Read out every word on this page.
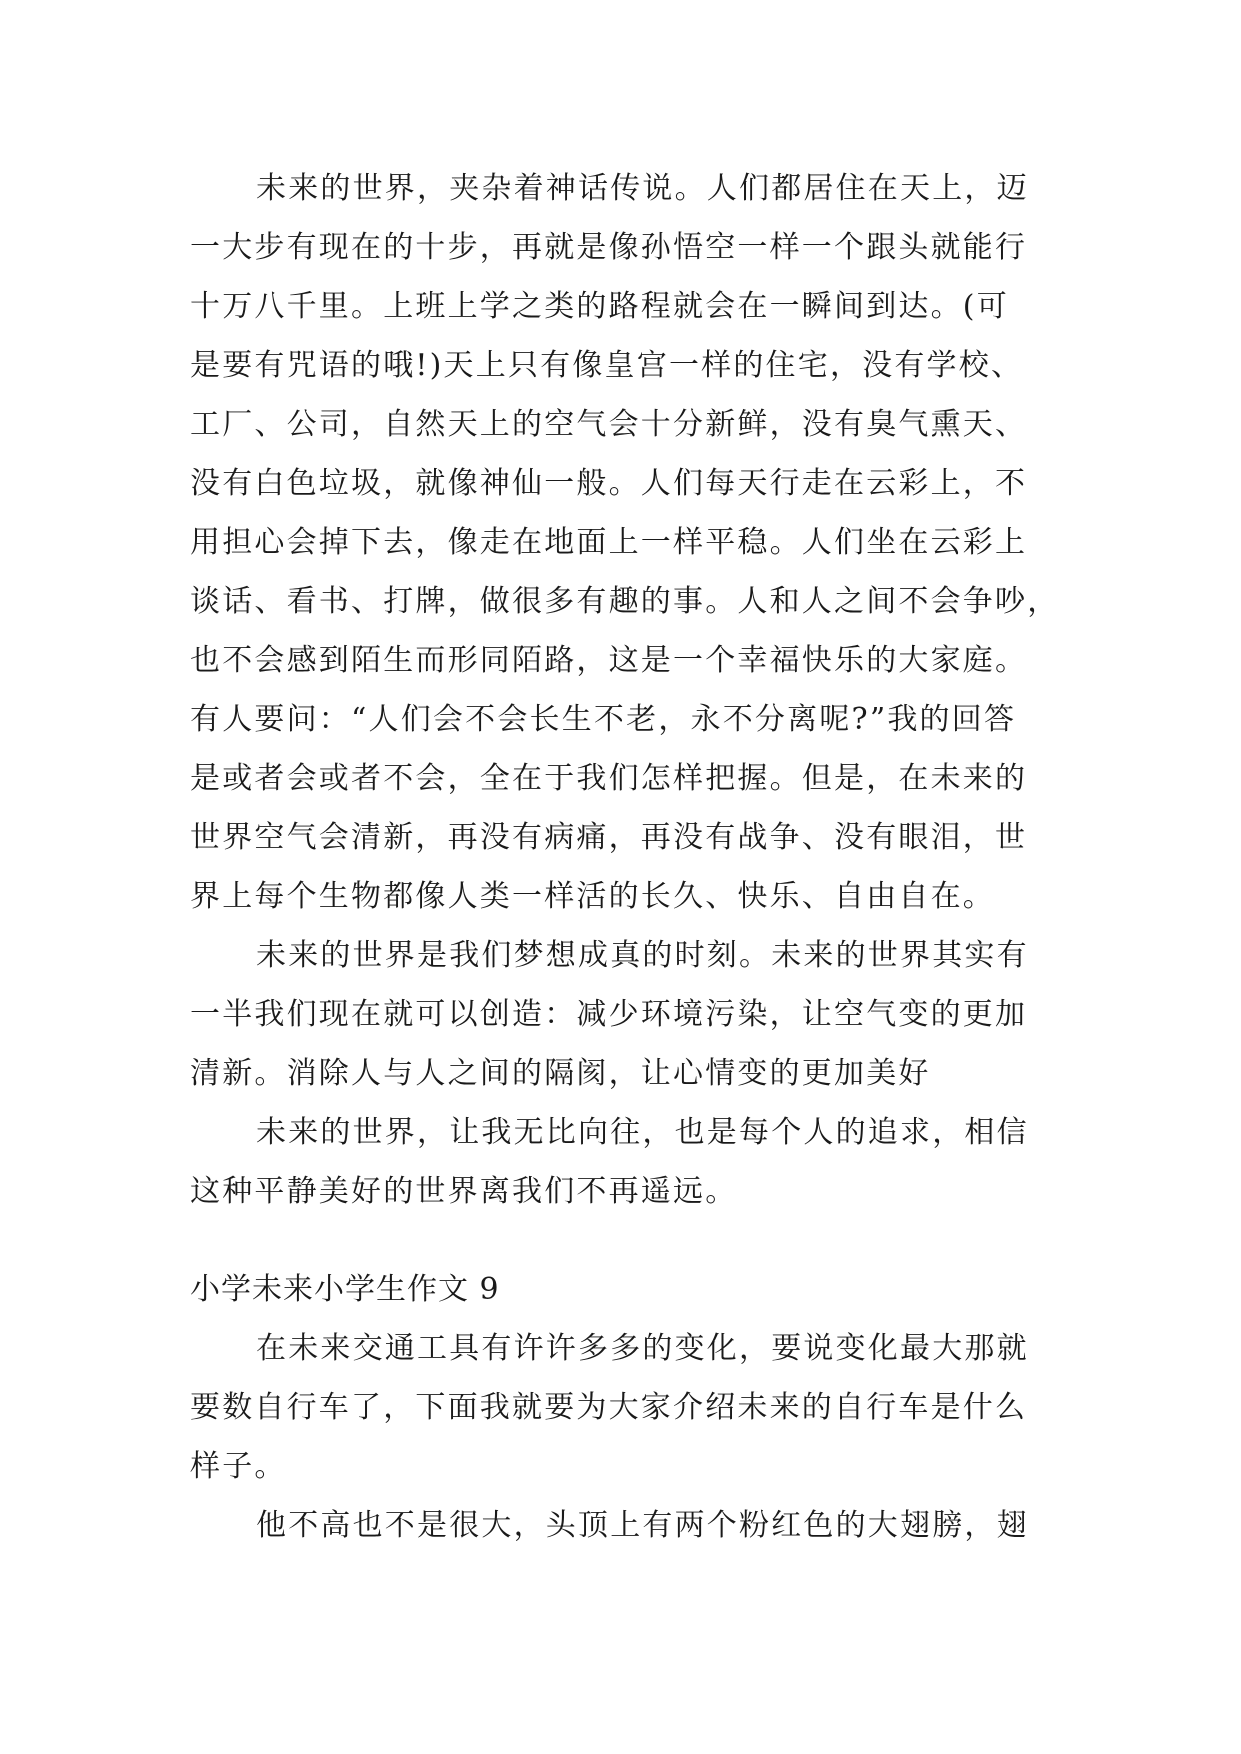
未来的世界，夹杂着神话传说。人们都居住在天上，迈
一大步有现在的十步，再就是像孙悟空一样一个跟头就能行
十万八千里。上班上学之类的路程就会在一瞬间到达。(可
是要有咒语的哦!)天上只有像皇宫一样的住宅，没有学校、
工厂、公司，自然天上的空气会十分新鲜，没有臭气熏天、
没有白色垃圾，就像神仙一般。人们每天行走在云彩上，不
用担心会掉下去，像走在地面上一样平稳。人们坐在云彩上
谈话、看书、打牌，做很多有趣的事。人和人之间不会争吵，
也不会感到陌生而形同陌路，这是一个幸福快乐的大家庭。
有人要问：“人们会不会长生不老，永不分离呢?”我的回答
是或者会或者不会，全在于我们怎样把握。但是，在未来的
世界空气会清新，再没有病痛，再没有战争、没有眼泪，世
界上每个生物都像人类一样活的长久、快乐、自由自在。
未来的世界是我们梦想成真的时刻。未来的世界其实有
一半我们现在就可以创造：减少环境污染，让空气变的更加
清新。消除人与人之间的隔阂，让心情变的更加美好
未来的世界，让我无比向往，也是每个人的追求，相信
这种平静美好的世界离我们不再遥远。
小学未来小学生作文 9
在未来交通工具有许许多多的变化，要说变化最大那就
要数自行车了，下面我就要为大家介绍未来的自行车是什么
样子。
他不高也不是很大，头顶上有两个粉红色的大翅膀，翅
